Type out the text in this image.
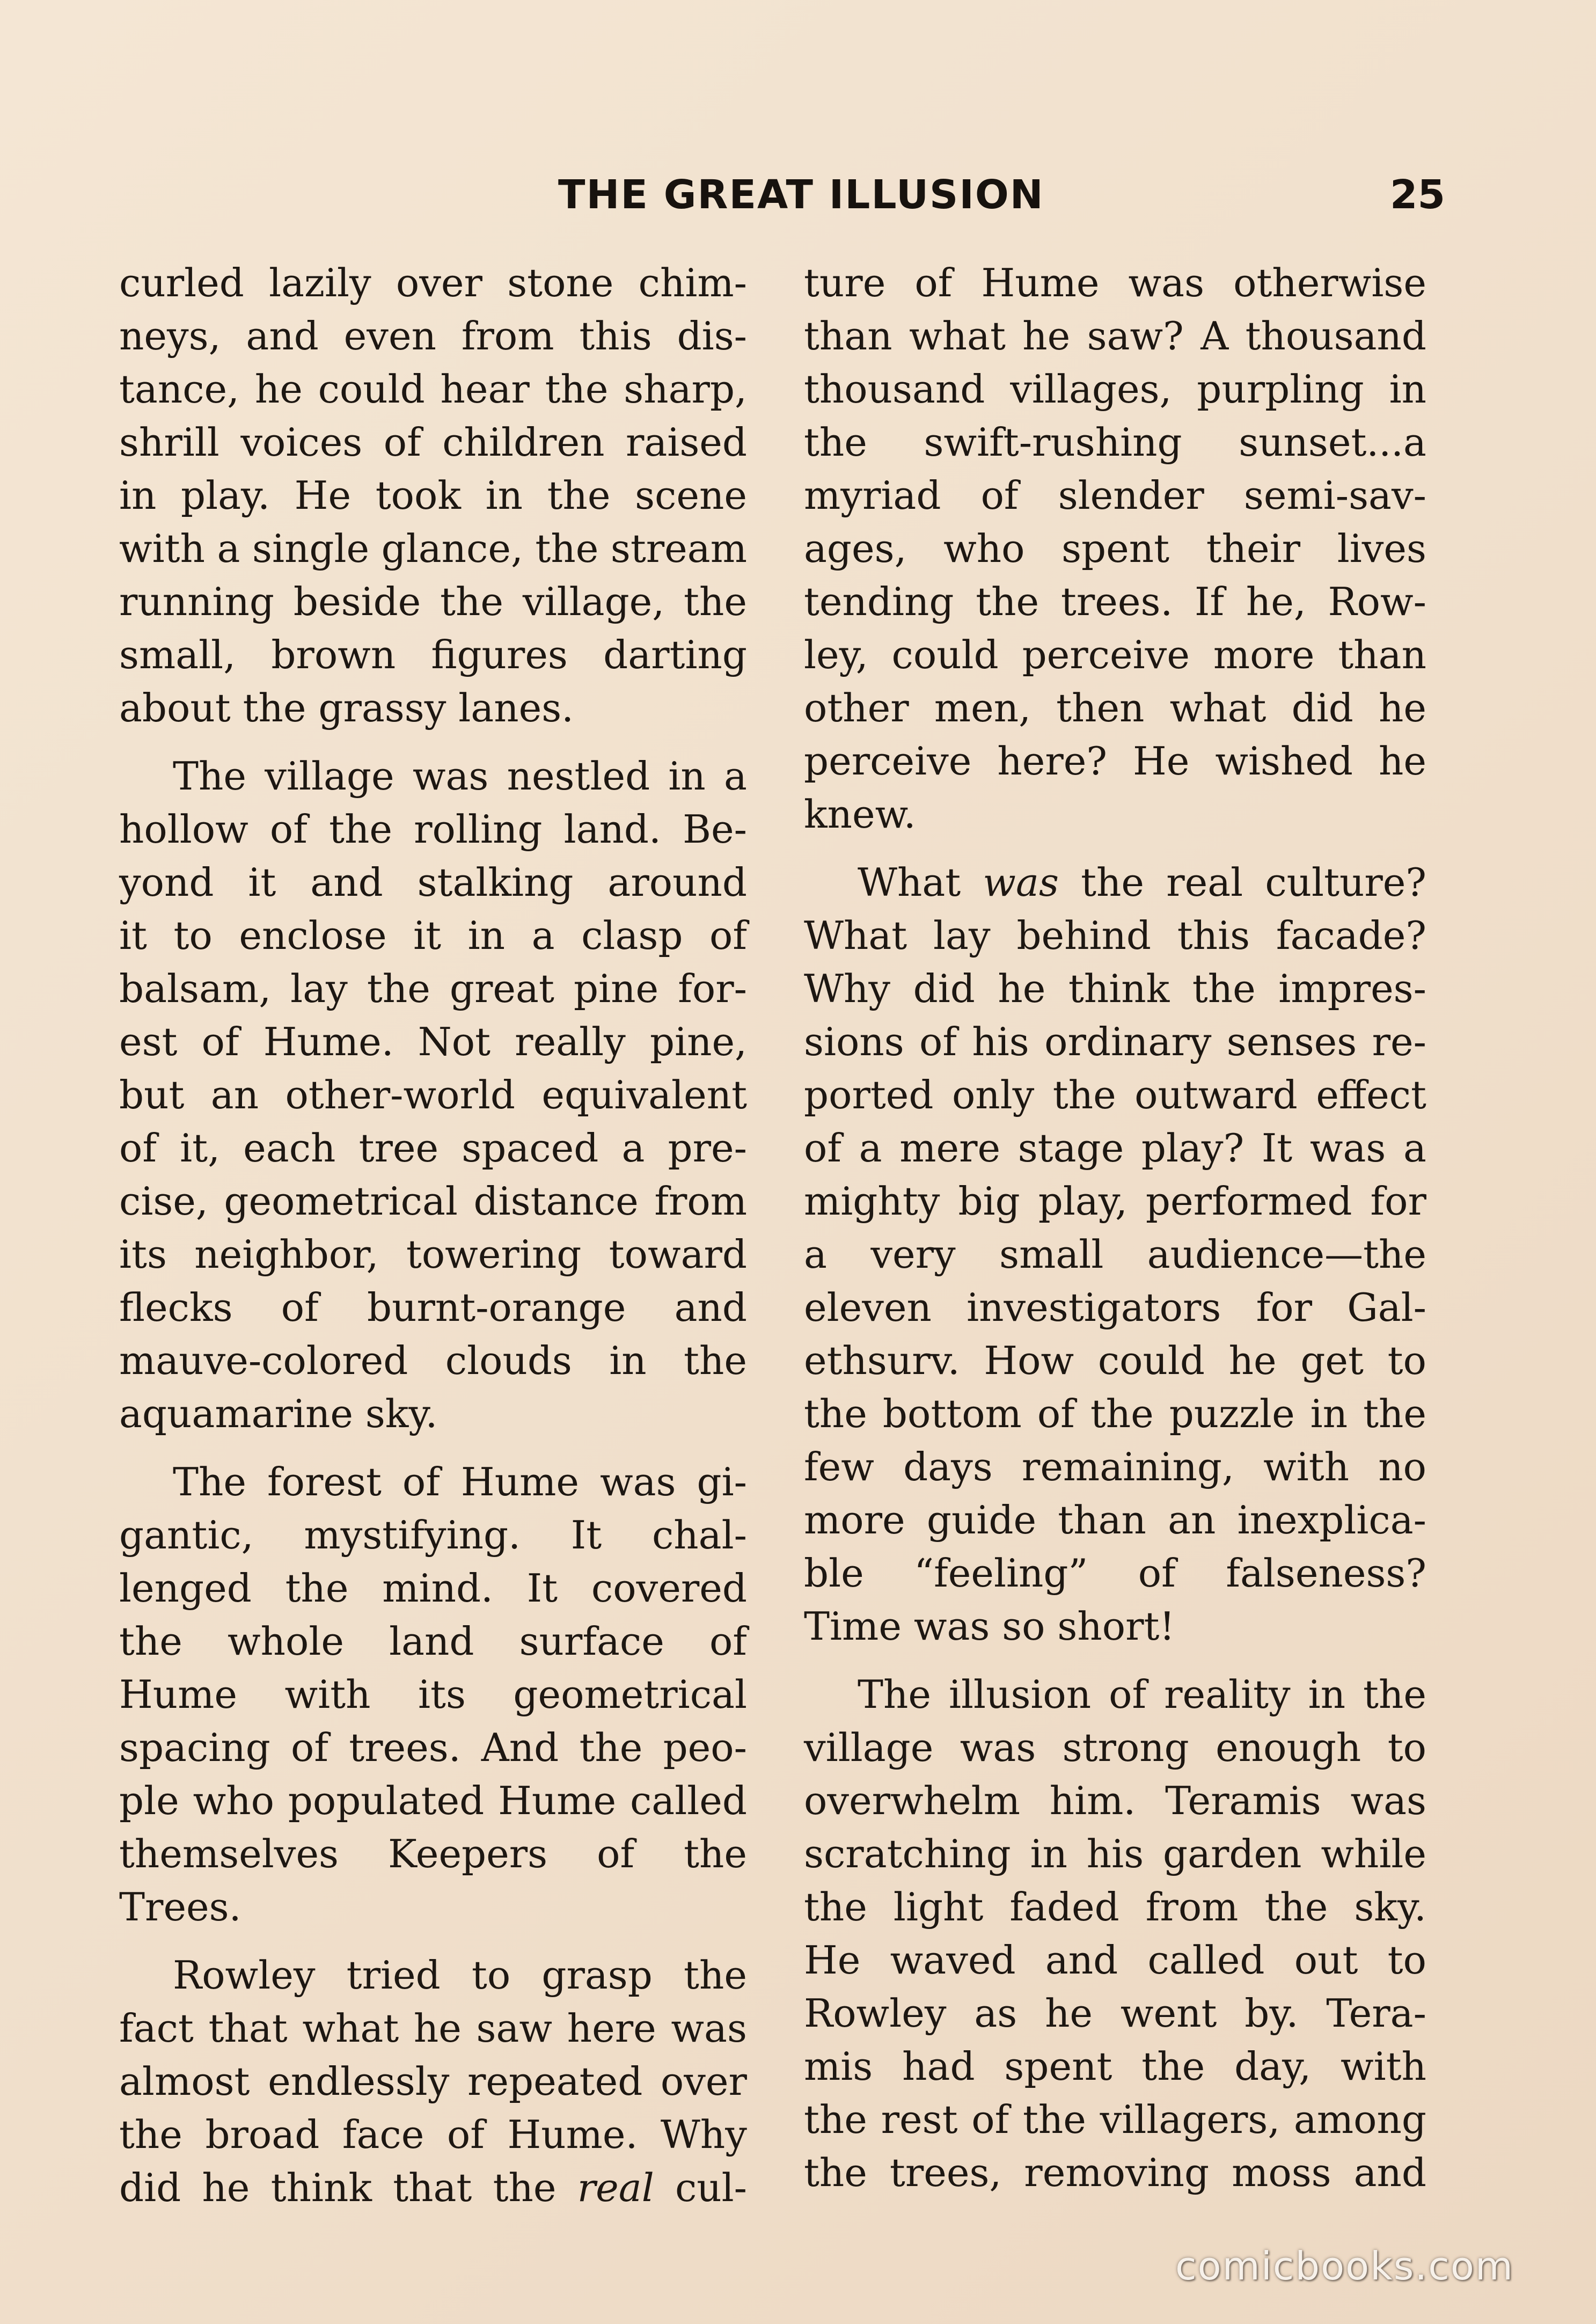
THE GREAT ILLUSION	25
curled lazily over stone chim-
neys, and even from this dis-
tance, he could hear the sharp,
shrill voices of children raised
in play. He took in the scene
with a single glance, the stream
running beside the village, the
small, brown figures darting
about the grassy lanes.
The village was nestled in a
hollow of the rolling land. Be-
yond it and stalking around
it to enclose it in a clasp of
balsam, lay the great pine for-
est of Hume. Not really pine,
but an other-world equivalent
of it, each tree spaced a pre-
cise, geometrical distance from
its neighbor, towering toward
flecks of burnt-orange and
mauve-colored clouds in the
aquamarine sky.
The forest of Hume was gi-
gantic, mystifying. It chal-
lenged the mind. It covered
the whole land surface of
Hume with its geometrical
spacing of trees. And the peo-
ple who populated Hume called
themselves Keepers of the
Trees.
Rowley tried to grasp the
fact that what he saw here was
almost endlessly repeated over
the broad face of Hume. Why
did he think that the real cul-
ture of Hume was otherwise
than what he saw? A thousand
thousand villages, purpling in
the swift-rushing sunset...a
myriad of slender semi-sav-
ages, who spent their lives
tending the trees. If he, Row-
ley, could perceive more than
other men, then what did he
perceive here? He wished he
knew.
What was the real culture?
What lay behind this facade?
Why did he think the impres-
sions of his ordinary senses re-
ported only the outward effect
of a mere stage play? It was a
mighty big play, performed for
a very small audience—the
eleven investigators for Gal-
ethsurv. How could he get to
the bottom of the puzzle in the
few days remaining, with no
more guide than an inexplica-
ble “feeling” of falseness?
Time was so short!
The illusion of reality in the
village was strong enough to
overwhelm him. Teramis was
scratching in his garden while
the light faded from the sky.
He waved and called out to
Rowley as he went by. Tera-
mis had spent the day, with
the rest of the villagers, among
the trees, removing moss and
comicbooks.com
